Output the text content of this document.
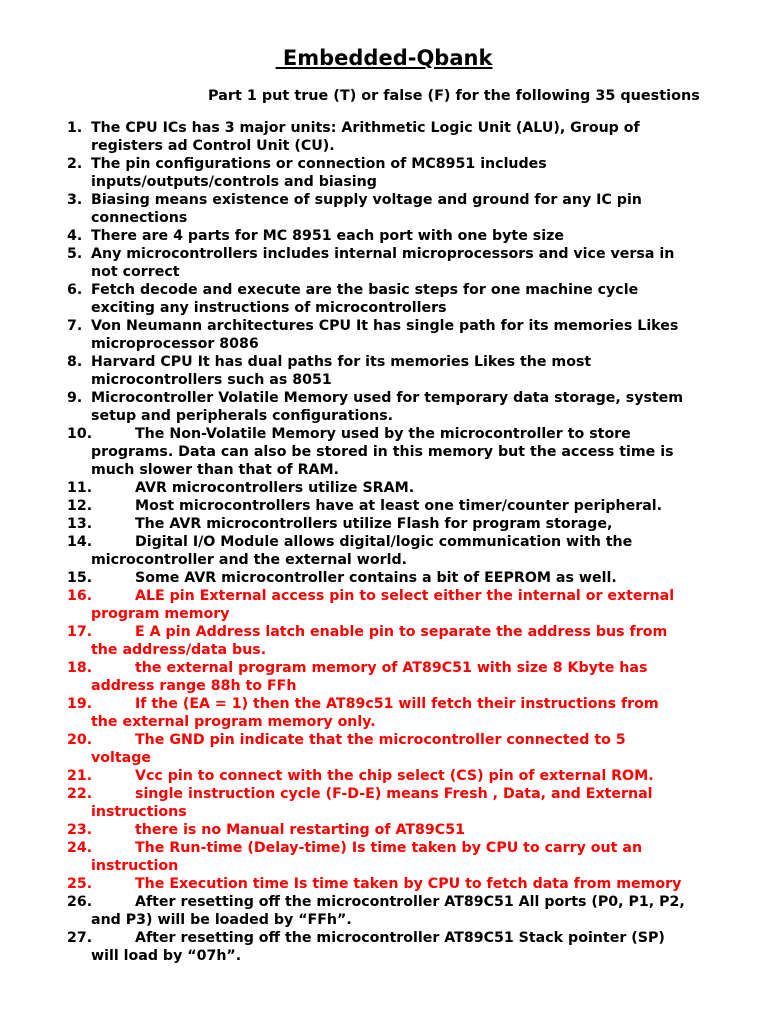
Embedded-Qbank
Part 1 put true (T) or false (F) for the following 35 questions
1. The CPU ICs has 3 major units: Arithmetic Logic Unit (ALU), Group of
registers ad Control Unit (CU).
2. The pin configurations or connection of MC8951 includes
inputs/outputs/controls and biasing
3. Biasing means existence of supply voltage and ground for any IC pin
connections
4. There are 4 parts for MC 8951 each port with one byte size
5. Any microcontrollers includes internal microprocessors and vice versa in
not correct
6. Fetch decode and execute are the basic steps for one machine cycle
exciting any instructions of microcontrollers
7. Von Neumann architectures CPU It has single path for its memories Likes
microprocessor 8086
8. Harvard CPU It has dual paths for its memories Likes the most
microcontrollers such as 8051
9. Microcontroller Volatile Memory used for temporary data storage, system
setup and peripherals configurations.
10.	The Non-Volatile Memory used by the microcontroller to store
programs. Data can also be stored in this memory but the access time is
much slower than that of RAM.
11.	AVR microcontrollers utilize SRAM.
12.	Most microcontrollers have at least one timer/counter peripheral.
13.	The AVR microcontrollers utilize Flash for program storage,
14.	Digital I/O Module allows digital/logic communication with the
microcontroller and the external world.
15.	Some AVR microcontroller contains a bit of EEPROM as well.
16.	ALE pin External access pin to select either the internal or external
program memory
17.	E A pin Address latch enable pin to separate the address bus from
the address/data bus.
18.	the external program memory of AT89C51 with size 8 Kbyte has
address range 88h to FFh
19.	If the (EA = 1) then the AT89c51 will fetch their instructions from
the external program memory only.
20.	The GND pin indicate that the microcontroller connected to 5
voltage
21.	Vcc pin to connect with the chip select (CS) pin of external ROM.
22.	single instruction cycle (F-D-E) means Fresh , Data, and External
instructions
23.	there is no Manual restarting of AT89C51
24.	The Run-time (Delay-time) Is time taken by CPU to carry out an
instruction
25.	The Execution time Is time taken by CPU to fetch data from memory
26.	After resetting off the microcontroller AT89C51 All ports (P0, P1, P2,
and P3) will be loaded by “FFh”.
27.	After resetting off the microcontroller AT89C51 Stack pointer (SP)
will load by “07h”.
